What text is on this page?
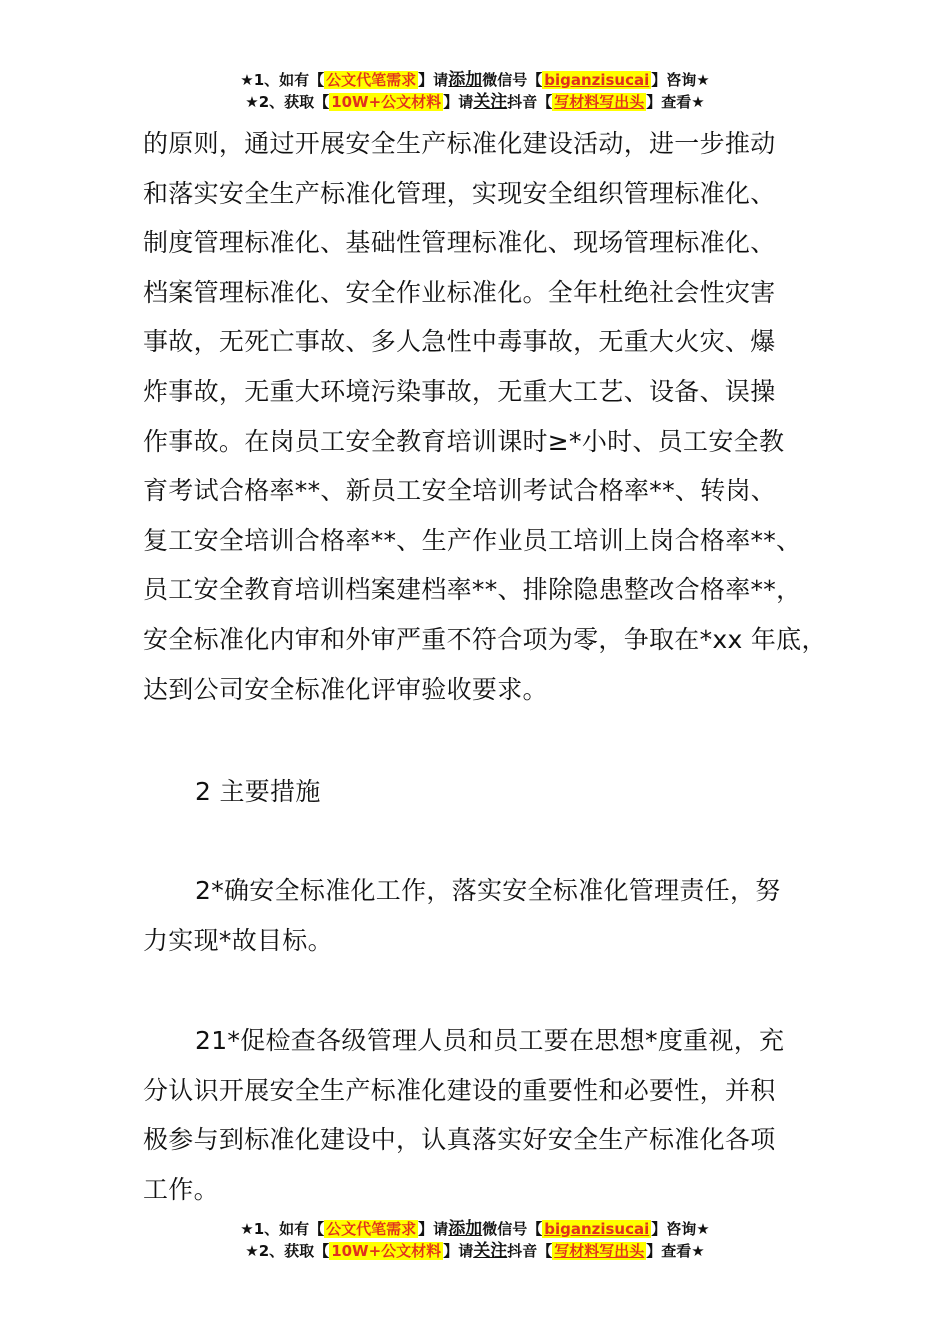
★1、如有【 公文代笔需求 】请添加微信号【 biganzisucai 】咨询★
★2、获取【 10W+公文材料 】请关注抖音【 写材料写出头 】查看★
的原则，通过开展安全生产标准化建设活动，进一步推动
和落实安全生产标准化管理，实现安全组织管理标准化、
制度管理标准化、基础性管理标准化、现场管理标准化、
档案管理标准化、安全作业标准化。全年杜绝社会性灾害
事故，无死亡事故、多人急性中毒事故，无重大火灾、爆
炸事故，无重大环境污染事故，无重大工艺、设备、误操
作事故。在岗员工安全教育培训课时≥*小时、员工安全教
育考试合格率**、新员工安全培训考试合格率**、转岗、
复工安全培训合格率**、生产作业员工培训上岗合格率**、
员工安全教育培训档案建档率**、排除隐患整改合格率**，
安全标准化内审和外审严重不符合项为零，争取在*xx 年底，
达到公司安全标准化评审验收要求。
2 主要措施
2*确安全标准化工作，落实安全标准化管理责任，努
力实现*故目标。
21*促检查各级管理人员和员工要在思想*度重视，充
分认识开展安全生产标准化建设的重要性和必要性，并积
极参与到标准化建设中，认真落实好安全生产标准化各项
工作。
★1、如有【 公文代笔需求 】请添加微信号【 biganzisucai 】咨询★
★2、获取【 10W+公文材料 】请关注抖音【 写材料写出头 】查看★
